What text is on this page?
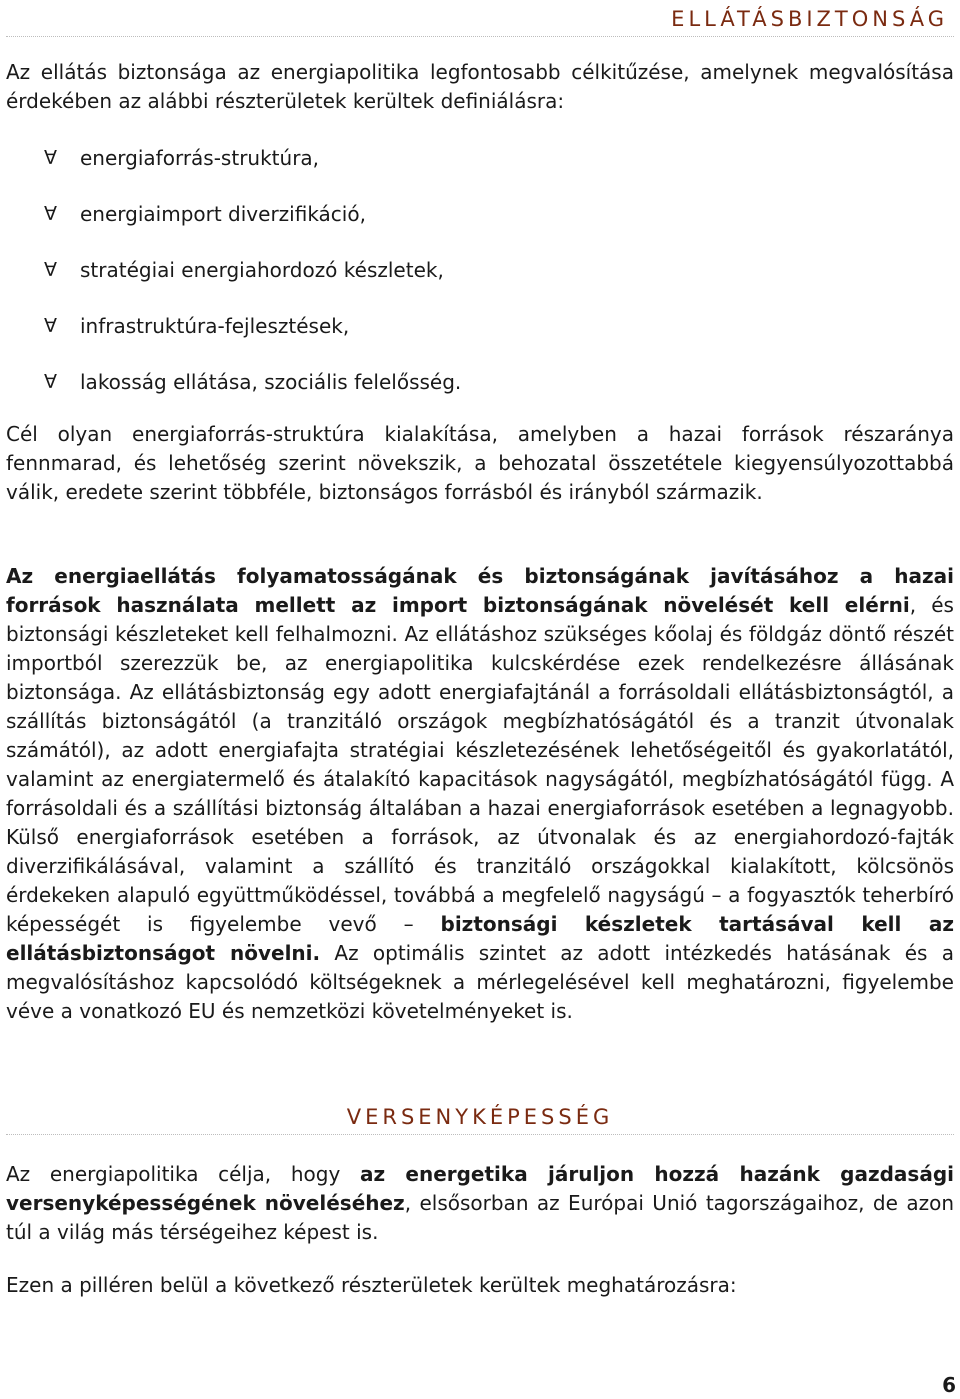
ELLÁTÁSBIZTONSÁG

Az ellátás biztonsága az energiapolitika legfontosabb célkitűzése, amelynek megvalósítása érdekében az alábbi részterületek kerültek definiálásra:

∀	energiaforrás-struktúra,
∀	energiaimport diverzifikáció,
∀	stratégiai energiahordozó készletek,
∀	infrastruktúra-fejlesztések,
∀	lakosság ellátása, szociális felelősség.

Cél olyan energiaforrás-struktúra kialakítása, amelyben a hazai források részaránya fennmarad, és lehetőség szerint növekszik, a behozatal összetétele kiegyensúlyozottabbá válik, eredete szerint többféle, biztonságos forrásból és irányból származik.

Az energiaellátás folyamatosságának és biztonságának javításához a hazai források használata mellett az import biztonságának növelését kell elérni, és biztonsági készleteket kell felhalmozni. Az ellátáshoz szükséges kőolaj és földgáz döntő részét importból szerezzük be, az energiapolitika kulcskérdése ezek rendelkezésre állásának biztonsága. Az ellátásbiztonság egy adott energiafajtánál a forrásoldali ellátásbiztonságtól, a szállítás biztonságától (a tranzitáló országok megbízhatóságától és a tranzit útvonalak számától), az adott energiafajta stratégiai készletezésének lehetőségeitől és gyakorlatától, valamint az energiatermelő és átalakító kapacitások nagyságától, megbízhatóságától függ. A forrásoldali és a szállítási biztonság általában a hazai energiaforrások esetében a legnagyobb. Külső energiaforrások esetében a források, az útvonalak és az energiahordozó-fajták diverzifikálásával, valamint a szállító és tranzitáló országokkal kialakított, kölcsönös érdekeken alapuló együttműködéssel, továbbá a megfelelő nagyságú – a fogyasztók teherbíró képességét is figyelembe vevő – biztonsági készletek tartásával kell az ellátásbiztonságot növelni. Az optimális szintet az adott intézkedés hatásának és a megvalósításhoz kapcsolódó költségeknek a mérlegelésével kell meghatározni, figyelembe véve a vonatkozó EU és nemzetközi követelményeket is.

VERSENYKÉPESSÉG

Az energiapolitika célja, hogy az energetika járuljon hozzá hazánk gazdasági versenyképességének növeléséhez, elsősorban az Európai Unió tagországaihoz, de azon túl a világ más térségeihez képest is.

Ezen a pilléren belül a következő részterületek kerültek meghatározásra:

6
